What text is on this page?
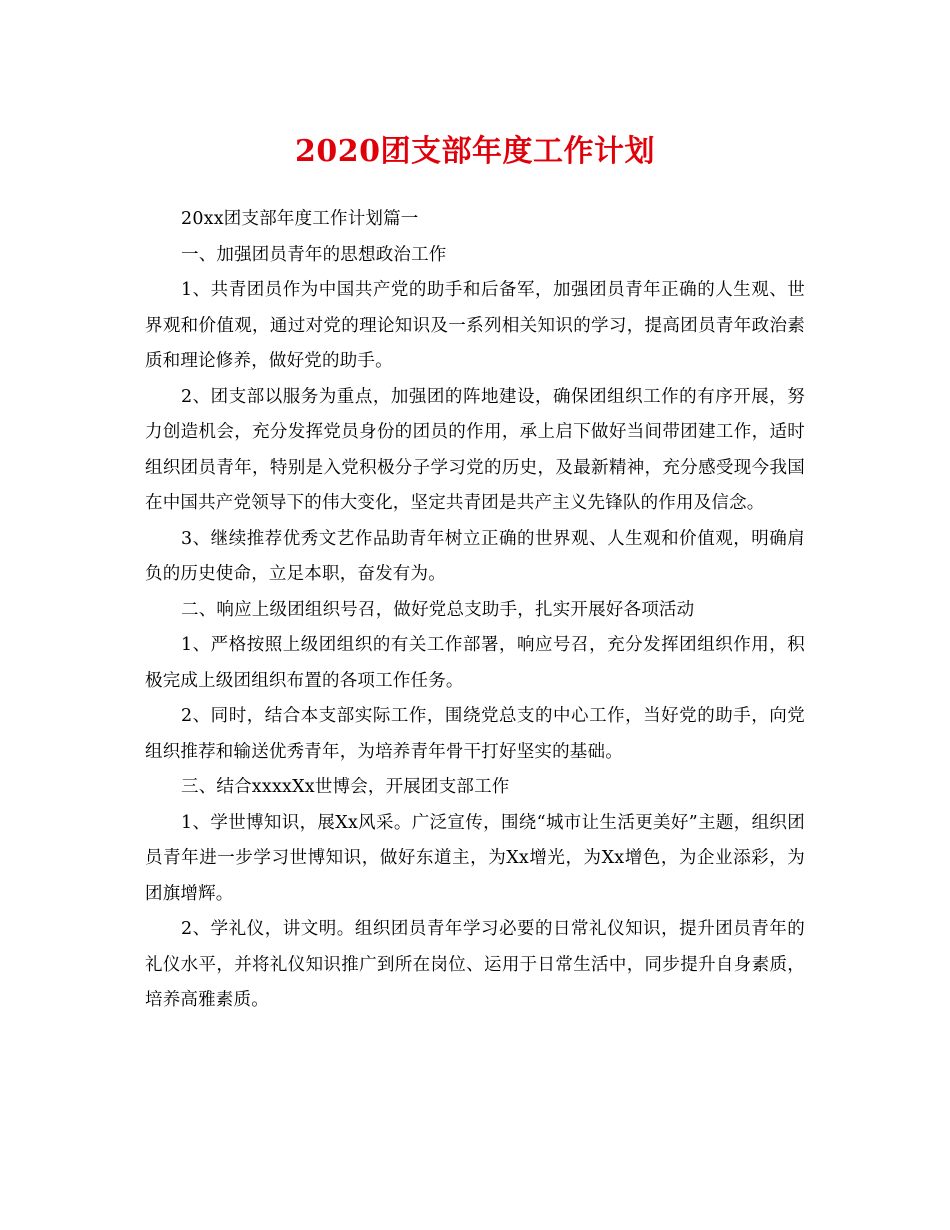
2020团支部年度工作计划

20xx团支部年度工作计划篇一

一、加强团员青年的思想政治工作

1、共青团员作为中国共产党的助手和后备军，加强团员青年正确的人生观、世界观和价值观，通过对党的理论知识及一系列相关知识的学习，提高团员青年政治素质和理论修养，做好党的助手。

2、团支部以服务为重点，加强团的阵地建设，确保团组织工作的有序开展，努力创造机会，充分发挥党员身份的团员的作用，承上启下做好当间带团建工作，适时组织团员青年，特别是入党积极分子学习党的历史，及最新精神，充分感受现今我国在中国共产党领导下的伟大变化，坚定共青团是共产主义先锋队的作用及信念。

3、继续推荐优秀文艺作品助青年树立正确的世界观、人生观和价值观，明确肩负的历史使命，立足本职，奋发有为。

二、响应上级团组织号召，做好党总支助手，扎实开展好各项活动

1、严格按照上级团组织的有关工作部署，响应号召，充分发挥团组织作用，积极完成上级团组织布置的各项工作任务。

2、同时，结合本支部实际工作，围绕党总支的中心工作，当好党的助手，向党组织推荐和输送优秀青年，为培养青年骨干打好坚实的基础。

三、结合xxxxXx世博会，开展团支部工作

1、学世博知识，展Xx风采。广泛宣传，围绕“城市让生活更美好”主题，组织团员青年进一步学习世博知识，做好东道主，为Xx增光，为Xx增色，为企业添彩，为团旗增辉。

2、学礼仪，讲文明。组织团员青年学习必要的日常礼仪知识，提升团员青年的礼仪水平，并将礼仪知识推广到所在岗位、运用于日常生活中，同步提升自身素质，培养高雅素质。
